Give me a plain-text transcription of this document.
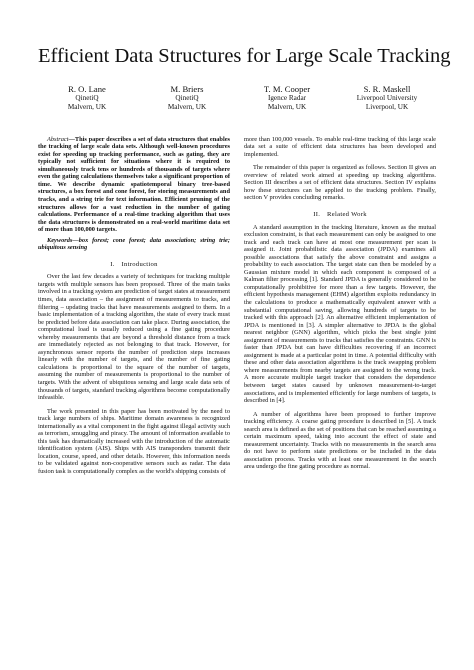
Efficient Data Structures for Large Scale Tracking
R. O. Lane
QinetiQ
Malvern, UK
M. Briers
QinetiQ
Malvern, UK
T. M. Cooper
Igence Radar
Malvern, UK
S. R. Maskell
Liverpool University
Liverpool, UK

Abstract—This paper describes a set of data structures that enables the tracking of large scale data sets. Although well-known procedures exist for speeding up tracking performance, such as gating, they are typically not sufficient for situations where it is required to simultaneously track tens or hundreds of thousands of targets where even the gating calculations themselves take a significant proportion of time. We describe dynamic spatiotemporal binary tree-based structures, a box forest and cone forest, for storing measurements and tracks, and a string trie for text information. Efficient pruning of the structures allows for a vast reduction in the number of gating calculations. Performance of a real-time tracking algorithm that uses the data structures is demonstrated on a real-world maritime data set of more than 100,000 targets.

Keywords—box forest; cone forest; data association; string trie; ubiquitous sensing

I. Introduction

Over the last few decades a variety of techniques for tracking multiple targets with multiple sensors has been proposed. Three of the main tasks involved in a tracking system are prediction of target states at measurement times, data association – the assignment of measurements to tracks, and filtering – updating tracks that have measurements assigned to them. In a basic implementation of a tracking algorithm, the state of every track must be predicted before data association can take place. During association, the computational load is usually reduced using a fine gating procedure whereby measurements that are beyond a threshold distance from a track are immediately rejected as not belonging to that track. However, for asynchronous sensor reports the number of prediction steps increases linearly with the number of targets, and the number of fine gating calculations is proportional to the square of the number of targets, assuming the number of measurements is proportional to the number of targets. With the advent of ubiquitous sensing and large scale data sets of thousands of targets, standard tracking algorithms become computationally infeasible.

The work presented in this paper has been motivated by the need to track large numbers of ships. Maritime domain awareness is recognized internationally as a vital component in the fight against illegal activity such as terrorism, smuggling and piracy. The amount of information available to this task has dramatically increased with the introduction of the automatic identification system (AIS). Ships with AIS transponders transmit their location, course, speed, and other details. However, this information needs to be validated against non-cooperative sensors such as radar. The data fusion task is computationally complex as the world's shipping consists of

more than 100,000 vessels. To enable real-time tracking of this large scale data set a suite of efficient data structures has been developed and implemented.

The remainder of this paper is organized as follows. Section II gives an overview of related work aimed at speeding up tracking algorithms. Section III describes a set of efficient data structures. Section IV explains how these structures can be applied to the tracking problem. Finally, section V provides concluding remarks.

II. Related Work

A standard assumption in the tracking literature, known as the mutual exclusion constraint, is that each measurement can only be assigned to one track and each track can have at most one measurement per scan is assigned it. Joint probabilistic data association (JPDA) examines all possible associations that satisfy the above constraint and assigns a probability to each association. The target state can then be modeled by a Gaussian mixture model in which each component is composed of a Kalman filter processing [1]. Standard JPDA is generally considered to be computationally prohibitive for more than a few targets. However, the efficient hypothesis management (EHM) algorithm exploits redundancy in the calculations to produce a mathematically equivalent answer with a substantial computational saving, allowing hundreds of targets to be tracked with this approach [2]. An alternative efficient implementation of JPDA is mentioned in [3]. A simpler alternative to JPDA is the global nearest neighbor (GNN) algorithm, which picks the best single joint assignment of measurements to tracks that satisfies the constraints. GNN is faster than JPDA but can have difficulties recovering if an incorrect assignment is made at a particular point in time. A potential difficulty with these and other data association algorithms is the track swapping problem where measurements from nearby targets are assigned to the wrong track. A more accurate multiple target tracker that considers the dependence between target states caused by unknown measurement-to-target associations, and is implemented efficiently for large numbers of targets, is described in [4].

A number of algorithms have been proposed to further improve tracking efficiency. A coarse gating procedure is described in [5]. A track search area is defined as the set of positions that can be reached assuming a certain maximum speed, taking into account the effect of state and measurement uncertainty. Tracks with no measurements in the search area do not have to perform state predictions or be included in the data association process. Tracks with at least one measurement in the search area undergo the fine gating procedure as normal.
